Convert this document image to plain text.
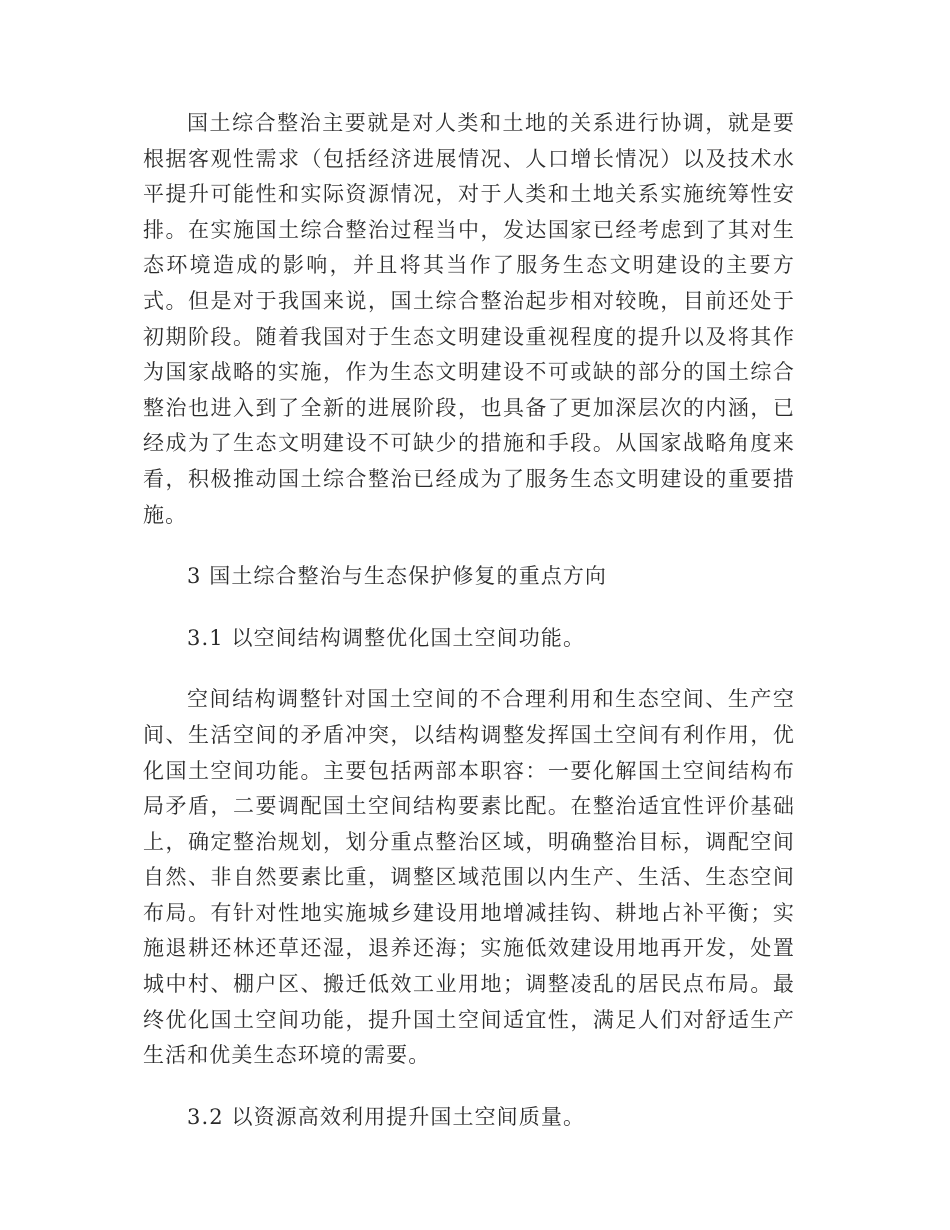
国土综合整治主要就是对人类和土地的关系进行协调，就是要根据客观性需求（包括经济进展情况、人口增长情况）以及技术水平提升可能性和实际资源情况，对于人类和土地关系实施统筹性安排。在实施国土综合整治过程当中，发达国家已经考虑到了其对生态环境造成的影响，并且将其当作了服务生态文明建设的主要方式。但是对于我国来说，国土综合整治起步相对较晚，目前还处于初期阶段。随着我国对于生态文明建设重视程度的提升以及将其作为国家战略的实施，作为生态文明建设不可或缺的部分的国土综合整治也进入到了全新的进展阶段，也具备了更加深层次的内涵，已经成为了生态文明建设不可缺少的措施和手段。从国家战略角度来看，积极推动国土综合整治已经成为了服务生态文明建设的重要措施。

3 国土综合整治与生态保护修复的重点方向

3.1 以空间结构调整优化国土空间功能。

空间结构调整针对国土空间的不合理利用和生态空间、生产空间、生活空间的矛盾冲突，以结构调整发挥国土空间有利作用，优化国土空间功能。主要包括两部本职容：一要化解国土空间结构布局矛盾，二要调配国土空间结构要素比配。在整治适宜性评价基础上，确定整治规划，划分重点整治区域，明确整治目标，调配空间自然、非自然要素比重，调整区域范围以内生产、生活、生态空间布局。有针对性地实施城乡建设用地增减挂钩、耕地占补平衡；实施退耕还林还草还湿，退养还海；实施低效建设用地再开发，处置城中村、棚户区、搬迁低效工业用地；调整凌乱的居民点布局。最终优化国土空间功能，提升国土空间适宜性，满足人们对舒适生产生活和优美生态环境的需要。

3.2 以资源高效利用提升国土空间质量。
